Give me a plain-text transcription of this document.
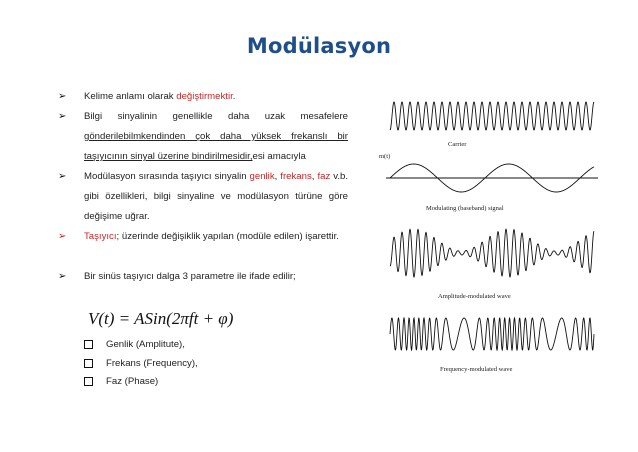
Modülasyon
➢ Kelime anlamı olarak değiştirmektir.
➢ Bilgi sinyalinin genellikle daha uzak mesafelere gönderilebilmkendinden çok daha yüksek frekanslı bir taşıyıcının sinyal üzerine bindirilmesidir,esi amacıyla
➢ Modülasyon sırasında taşıyıcı sinyalin genlik, frekans, faz v.b. gibi özellikleri, bilgi sinyaline ve modülasyon türüne göre değişime uğrar.
➢ Taşıyıcı; üzerinde değişiklik yapılan (modüle edilen) işarettir.
➢ Bir sinüs taşıyıcı dalga 3 parametre ile ifade edilir;
V(t) = ASin(2πft + φ)
Genlik (Amplitute),
Frekans (Frequency),
Faz (Phase)
Carrier
m(t)
Modulating (baseband) signal
Amplitude-modulated wave
Frequency-modulated wave
